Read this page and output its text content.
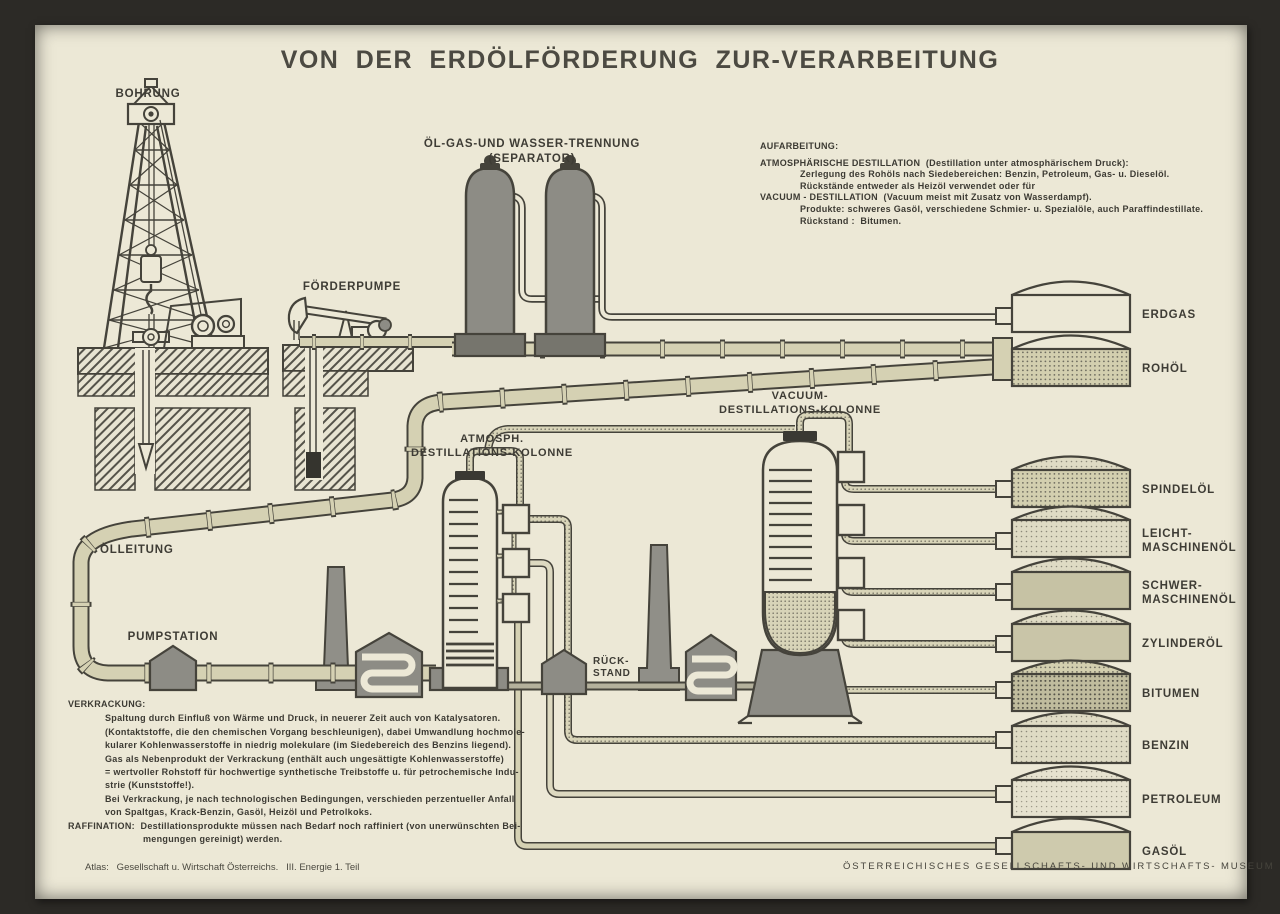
ERDGAS
ROHÖL
SPINDELÖL
LEICHT-
MASCHINENÖL
SCHWER-
MASCHINENÖL
ZYLINDERÖL
BITUMEN
BENZIN
PETROLEUM
GASÖL
BOHRUNG
FÖRDERPUMPE
ÖL-GAS-UND WASSER-TRENNUNG
(SEPARATOR)
ÖLLEITUNG
PUMPSTATION
ATMOSPH.
DESTILLATIONS-KOLONNE
VACUUM-
DESTILLATIONS-KOLONNE
RÜCK-
STAND
VON DER ERDÖLFÖRDERUNG ZUR-VERARBEITUNG
AUFARBEITUNG:
ATMOSPHÄRISCHE DESTILLATION  (Destillation unter atmosphärischem Druck):
Zerlegung des Rohöls nach Siedebereichen: Benzin, Petroleum, Gas- u. Dieselöl.
Rückstände entweder als Heizöl verwendet oder für
VACUUM - DESTILLATION  (Vacuum meist mit Zusatz von Wasserdampf).
Produkte: schweres Gasöl, verschiedene Schmier- u. Spezialöle, auch Paraffindestillate.
Rückstand :  Bitumen.
VERKRACKUNG:
Spaltung durch Einfluß von Wärme und Druck, in neuerer Zeit auch von Katalysatoren.
(Kontaktstoffe, die den chemischen Vorgang beschleunigen), dabei Umwandlung hochmole-
kularer Kohlenwasserstoffe in niedrig molekulare (im Siedebereich des Benzins liegend).
Gas als Nebenprodukt der Verkrackung (enthält auch ungesättigte Kohlenwasserstoffe)
= wertvoller Rohstoff für hochwertige synthetische Treibstoffe u. für petrochemische Indu-
strie (Kunststoffe!).
Bei Verkrackung, je nach technologischen Bedingungen, verschieden perzentueller Anfall
von Spaltgas, Krack-Benzin, Gasöl, Heizöl und Petrolkoks.
RAFFINATION:  Destillationsprodukte müssen nach Bedarf noch raffiniert (von unerwünschten Bei-
mengungen gereinigt) werden.
Atlas:   Gesellschaft u. Wirtschaft Österreichs.   III. Energie 1. Teil	ÖSTERREICHISCHES GESELLSCHAFTS- UND WIRTSCHAFTS- MUSEUM
